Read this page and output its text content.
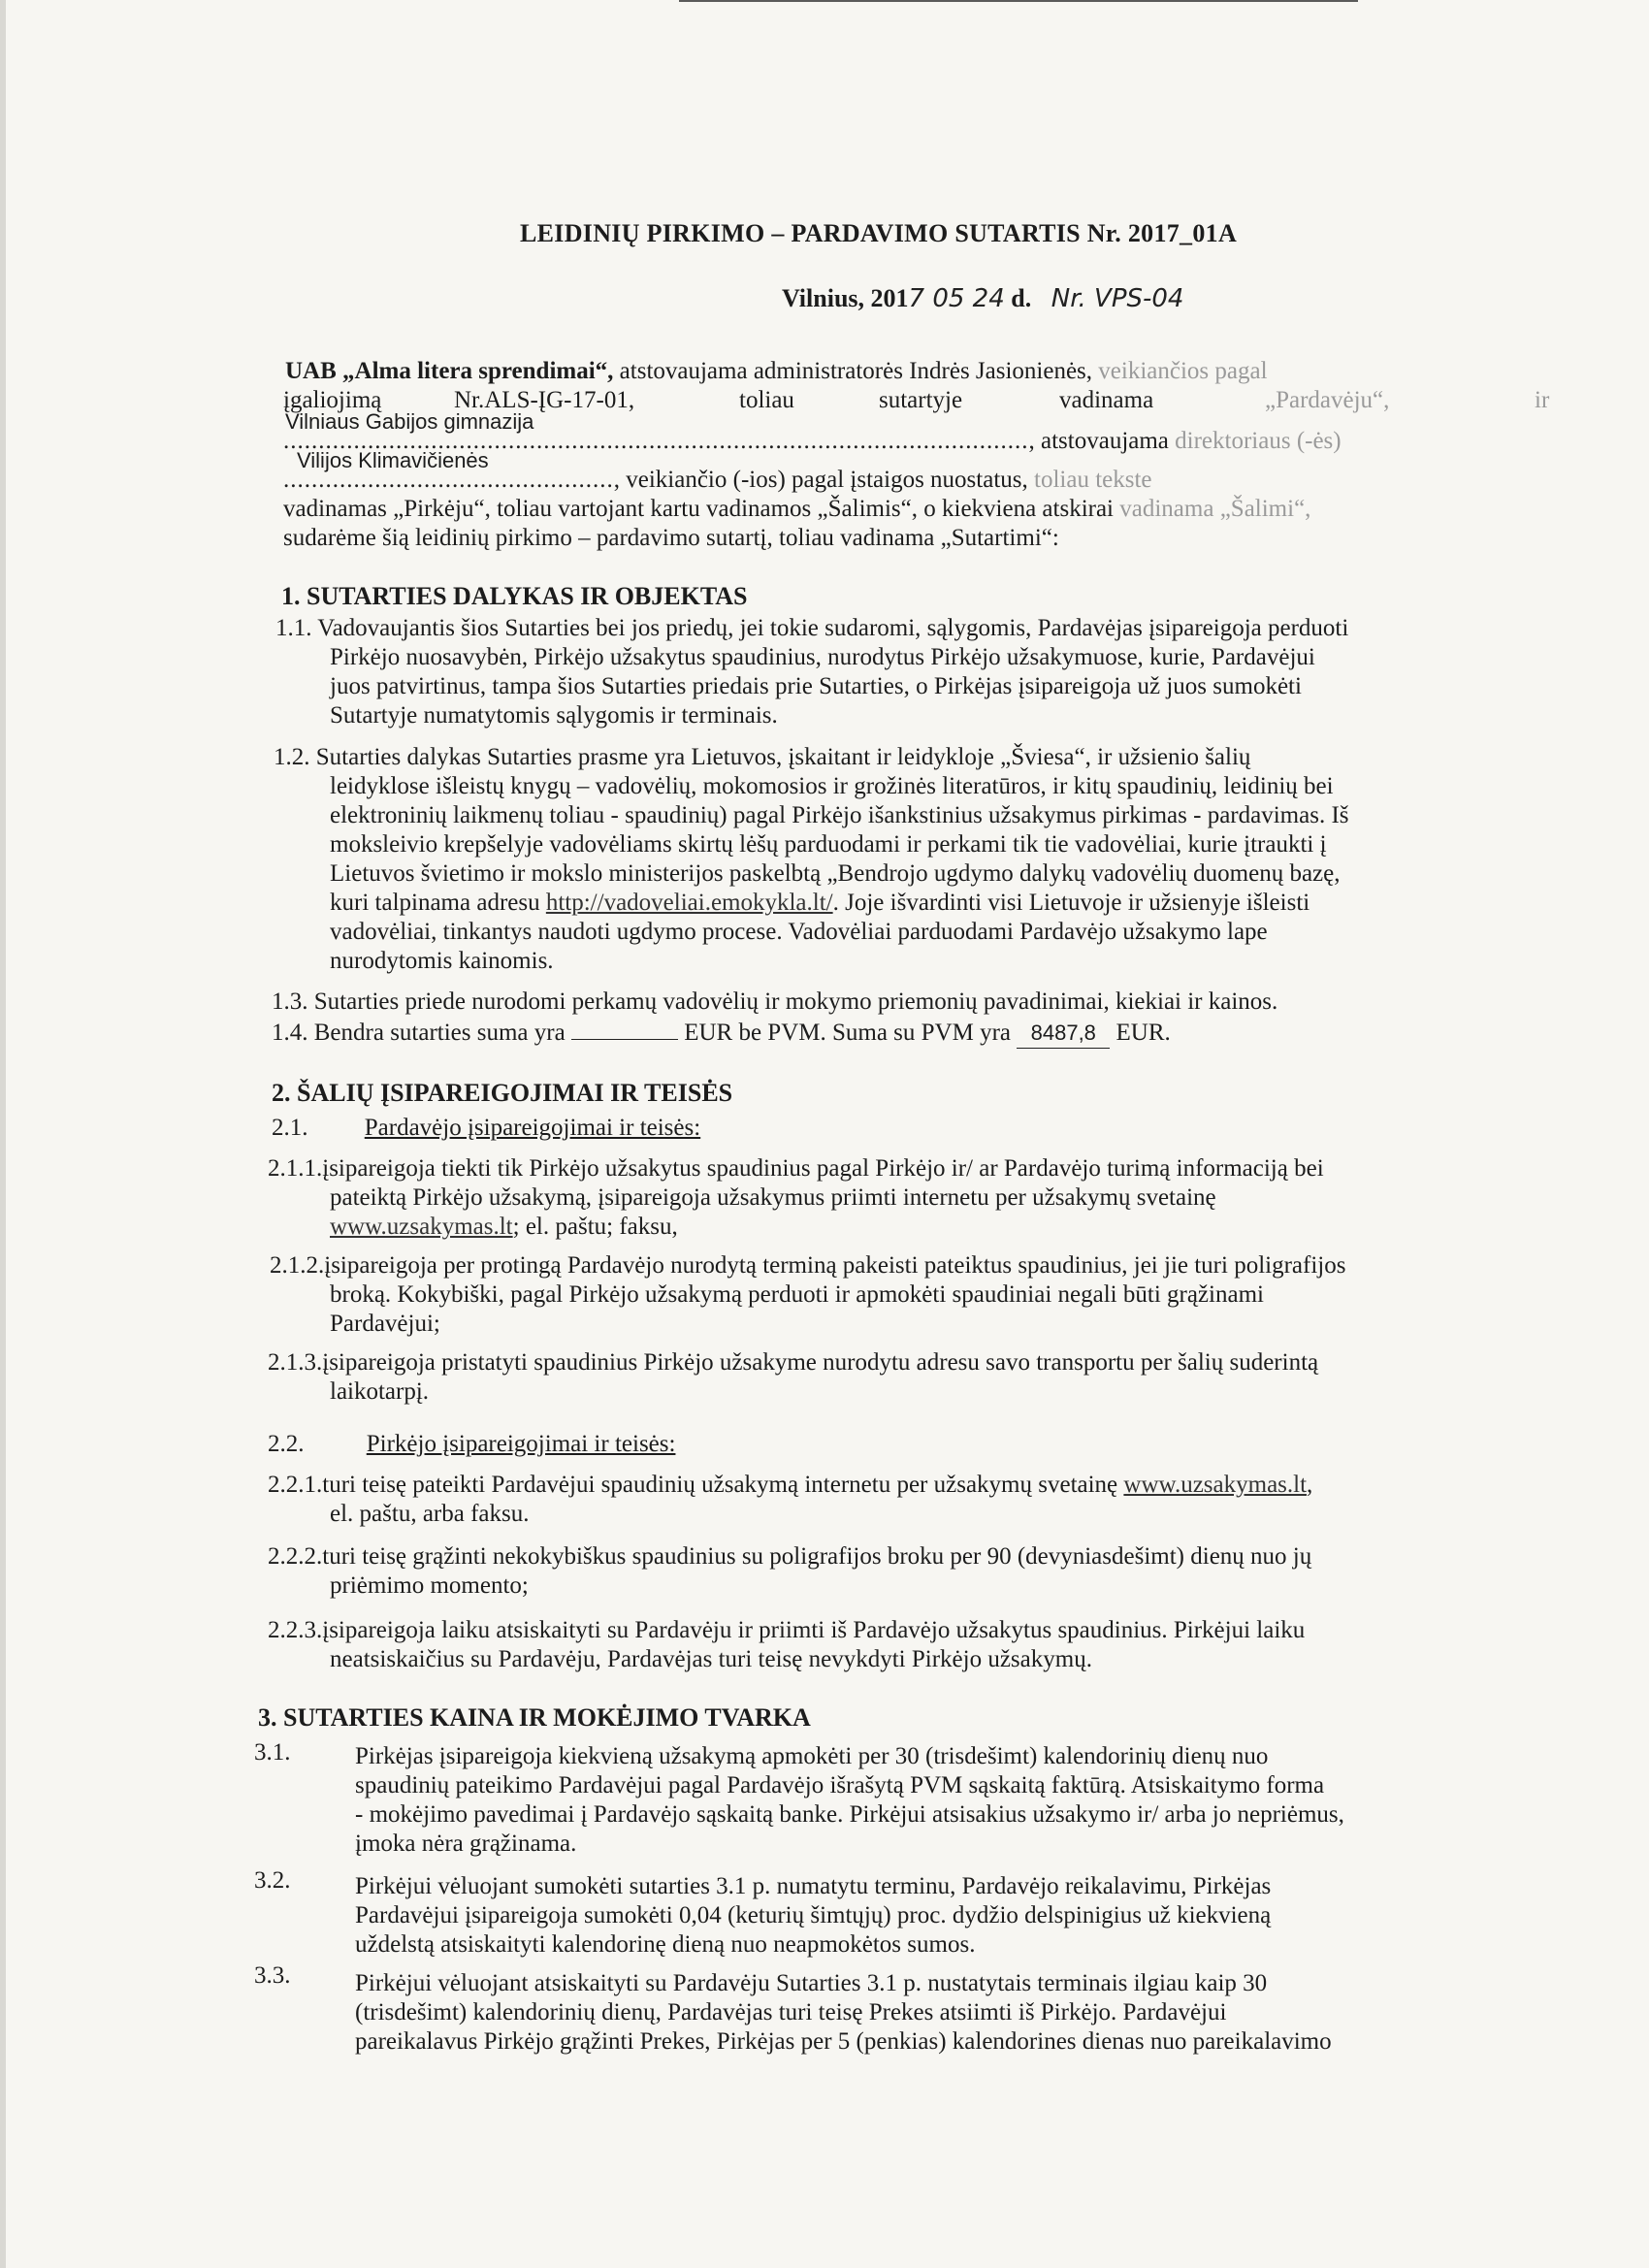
LEIDINIŲ PIRKIMO – PARDAVIMO SUTARTIS Nr. 2017_01A
Vilnius, 2017 05 24 d. Nr. VPS-04
UAB „Alma litera sprendimai“, atstovaujama administratorės Indrės Jasionienės, veikiančios pagal
įgaliojimą	Nr.ALS-ĮG-17-01,	toliau	sutartyje	vadinama	„Pardavėju“,	ir
Vilniaus Gabijos gimnazija
.........................................................................................................., atstovaujama direktoriaus (-ės)
Vilijos Klimavičienės
..............................................., veikiančio (-ios) pagal įstaigos nuostatus, toliau tekste
vadinamas „Pirkėju“, toliau vartojant kartu vadinamos „Šalimis“, o kiekviena atskirai vadinama „Šalimi“,
sudarėme šią leidinių pirkimo – pardavimo sutartį, toliau vadinama „Sutartimi“:
1. SUTARTIES DALYKAS IR OBJEKTAS
1.1. Vadovaujantis šios Sutarties bei jos priedų, jei tokie sudaromi, sąlygomis, Pardavėjas įsipareigoja perduoti
Pirkėjo nuosavybėn, Pirkėjo užsakytus spaudinius, nurodytus Pirkėjo užsakymuose, kurie, Pardavėjui
juos patvirtinus, tampa šios Sutarties priedais prie Sutarties, o Pirkėjas įsipareigoja už juos sumokėti
Sutartyje numatytomis sąlygomis ir terminais.
1.2. Sutarties dalykas Sutarties prasme yra Lietuvos, įskaitant ir leidykloje „Šviesa“, ir užsienio šalių
leidyklose išleistų knygų – vadovėlių, mokomosios ir grožinės literatūros, ir kitų spaudinių, leidinių bei
elektroninių laikmenų toliau - spaudinių) pagal Pirkėjo išankstinius užsakymus pirkimas - pardavimas. Iš
moksleivio krepšelyje vadovėliams skirtų lėšų parduodami ir perkami tik tie vadovėliai, kurie įtraukti į
Lietuvos švietimo ir mokslo ministerijos paskelbtą „Bendrojo ugdymo dalykų vadovėlių duomenų bazę,
kuri talpinama adresu http://vadoveliai.emokykla.lt/. Joje išvardinti visi Lietuvoje ir užsienyje išleisti
vadovėliai, tinkantys naudoti ugdymo procese. Vadovėliai parduodami Pardavėjo užsakymo lape
nurodytomis kainomis.
1.3. Sutarties priede nurodomi perkamų vadovėlių ir mokymo priemonių pavadinimai, kiekiai ir kainos.
1.4. Bendra sutarties suma yra	EUR be PVM. Suma su PVM yra 8487,8 EUR.
2. ŠALIŲ ĮSIPAREIGOJIMAI IR TEISĖS
2.1. Pardavėjo įsipareigojimai ir teisės:
2.1.1.įsipareigoja tiekti tik Pirkėjo užsakytus spaudinius pagal Pirkėjo ir/ ar Pardavėjo turimą informaciją bei
pateiktą Pirkėjo užsakymą, įsipareigoja užsakymus priimti internetu per užsakymų svetainę
www.uzsakymas.lt; el. paštu; faksu,
2.1.2.įsipareigoja per protingą Pardavėjo nurodytą terminą pakeisti pateiktus spaudinius, jei jie turi poligrafijos
broką. Kokybiški, pagal Pirkėjo užsakymą perduoti ir apmokėti spaudiniai negali būti grąžinami
Pardavėjui;
2.1.3.įsipareigoja pristatyti spaudinius Pirkėjo užsakyme nurodytu adresu savo transportu per šalių suderintą
laikotarpį.
2.2.	Pirkėjo įsipareigojimai ir teisės:
2.2.1.turi teisę pateikti Pardavėjui spaudinių užsakymą internetu per užsakymų svetainę www.uzsakymas.lt,
el. paštu, arba faksu.
2.2.2.turi teisę grąžinti nekokybiškus spaudinius su poligrafijos broku per 90 (devyniasdešimt) dienų nuo jų
priėmimo momento;
2.2.3.įsipareigoja laiku atsiskaityti su Pardavėju ir priimti iš Pardavėjo užsakytus spaudinius. Pirkėjui laiku
neatsiskaičius su Pardavėju, Pardavėjas turi teisę nevykdyti Pirkėjo užsakymų.
3. SUTARTIES KAINA IR MOKĖJIMO TVARKA
3.1.	Pirkėjas įsipareigoja kiekvieną užsakymą apmokėti per 30 (trisdešimt) kalendorinių dienų nuo
spaudinių pateikimo Pardavėjui pagal Pardavėjo išrašytą PVM sąskaitą faktūrą. Atsiskaitymo forma
- mokėjimo pavedimai į Pardavėjo sąskaitą banke. Pirkėjui atsisakius užsakymo ir/ arba jo nepriėmus,
įmoka nėra grąžinama.
3.2.	Pirkėjui vėluojant sumokėti sutarties 3.1 p. numatytu terminu, Pardavėjo reikalavimu, Pirkėjas
Pardavėjui įsipareigoja sumokėti 0,04 (keturių šimtųjų) proc. dydžio delspinigius už kiekvieną
uždelstą atsiskaityti kalendorinę dieną nuo neapmokėtos sumos.
3.3.	Pirkėjui vėluojant atsiskaityti su Pardavėju Sutarties 3.1 p. nustatytais terminais ilgiau kaip 30
(trisdešimt) kalendorinių dienų, Pardavėjas turi teisę Prekes atsiimti iš Pirkėjo. Pardavėjui
pareikalavus Pirkėjo grąžinti Prekes, Pirkėjas per 5 (penkias) kalendorines dienas nuo pareikalavimo
